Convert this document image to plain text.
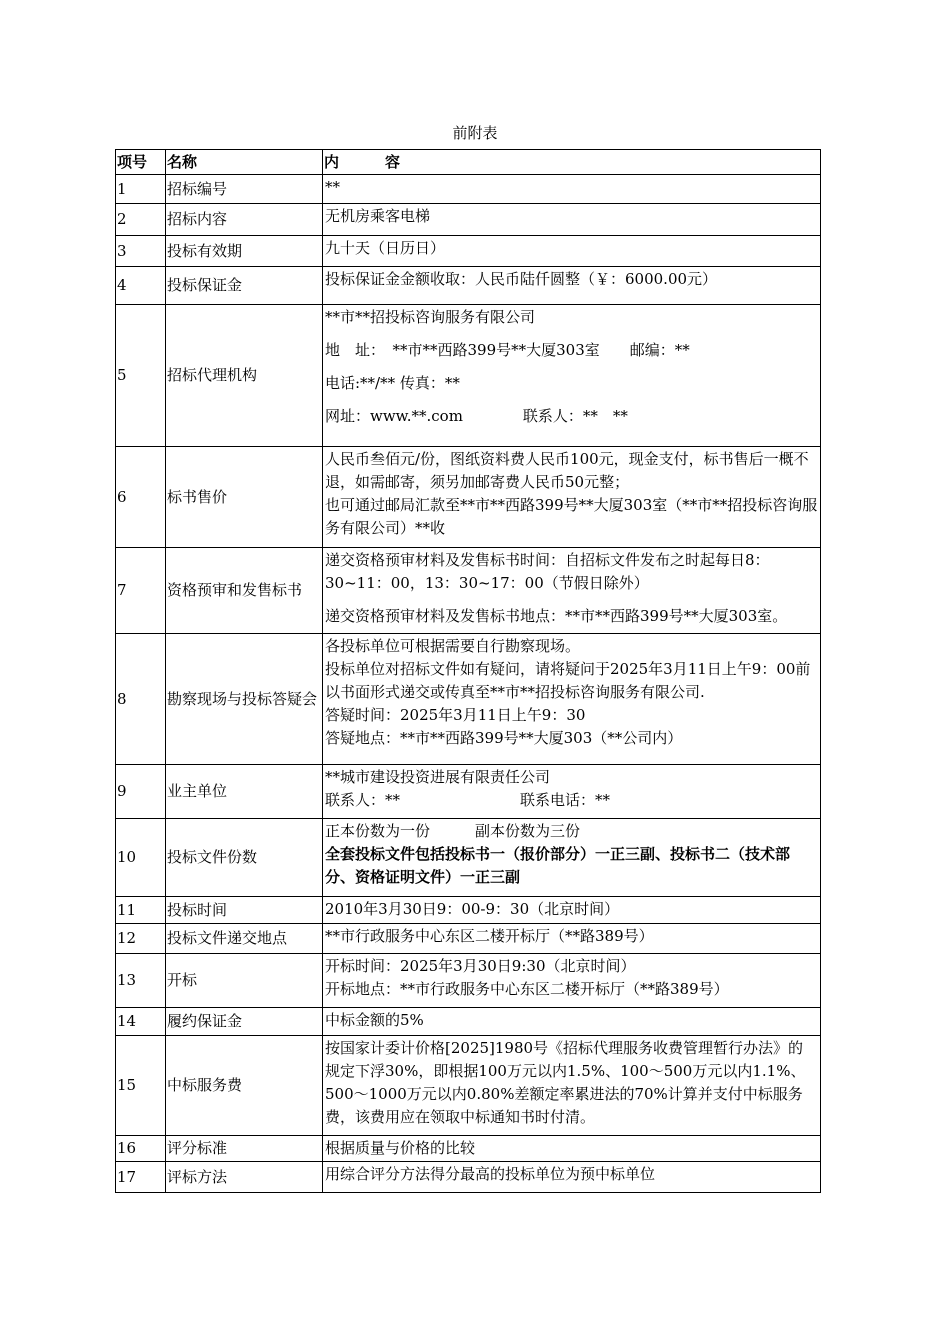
前附表
项号	名称	内 容
1	招标编号	**

2	招标内容	无机房乘客电梯

3	投标有效期	九十天（日历日）

4	投标保证金	投标保证金金额收取：人民币陆仟圆整（￥：6000.00元）

5	招标代理机构	**市**招投标咨询服务有限公司
地　址：　**市**西路399号**大厦303室　　邮编：**
电话:**/** 传真：**
网址：www.**.com　　　　联系人：**　**

6	标书售价	人民币叁佰元/份，图纸资料费人民币100元，现金支付，标书售后一概不退，如需邮寄，须另加邮寄费人民币50元整；
也可通过邮局汇款至**市**西路399号**大厦303室（**市**招投标咨询服务有限公司）**收

7	资格预审和发售标书	递交资格预审材料及发售标书时间：自招标文件发布之时起每日8：30~11：00，13：30~17：00（节假日除外）
递交资格预审材料及发售标书地点：**市**西路399号**大厦303室。

8	勘察现场与投标答疑会	各投标单位可根据需要自行勘察现场。
投标单位对招标文件如有疑问，请将疑问于2025年3月11日上午9：00前以书面形式递交或传真至**市**招投标咨询服务有限公司.
答疑时间：2025年3月11日上午9：30
答疑地点：**市**西路399号**大厦303（**公司内）

9	业主单位	**城市建设投资进展有限责任公司
联系人：**　　　　　　　　联系电话：**

10	投标文件份数	正本份数为一份　　　副本份数为三份
全套投标文件包括投标书一（报价部分）一正三副、投标书二（技术部分、资格证明文件）一正三副

11	投标时间	2010年3月30日9：00-9：30（北京时间）

12	投标文件递交地点	**市行政服务中心东区二楼开标厅（**路389号）

13	开标	开标时间：2025年3月30日9:30（北京时间）
开标地点：**市行政服务中心东区二楼开标厅（**路389号）

14	履约保证金	中标金额的5%

15	中标服务费	按国家计委计价格[2025]1980号《招标代理服务收费管理暂行办法》的规定下浮30%，即根据100万元以内1.5%、100～500万元以内1.1%、500～1000万元以内0.80%差额定率累进法的70%计算并支付中标服务费，该费用应在领取中标通知书时付清。

16	评分标准	根据质量与价格的比较

17	评标方法	用综合评分方法得分最高的投标单位为预中标单位
